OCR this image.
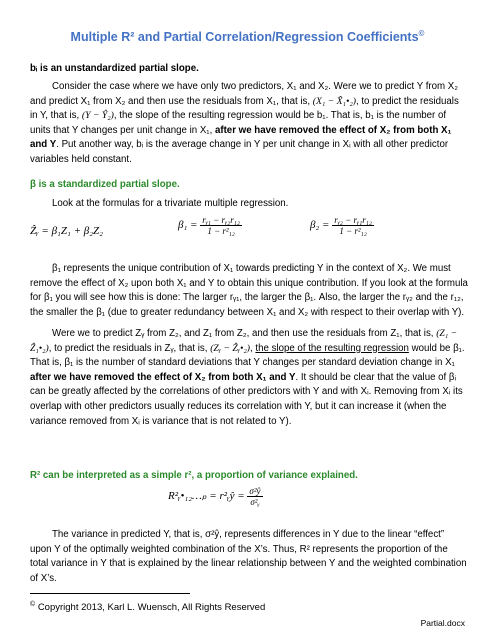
Multiple R² and Partial Correlation/Regression Coefficients©
bᵢ is an unstandardized partial slope.
Consider the case where we have only two predictors, X₁ and X₂. Were we to predict Y from X₂ and predict X₁ from X₂ and then use the residuals from X₁, that is, (X₁ − X̂₁•₂), to predict the residuals in Y, that is, (Y − Ŷ₂), the slope of the resulting regression would be b₁. That is, b₁ is the number of units that Y changes per unit change in X₁, after we have removed the effect of X₂ from both X₁ and Y. Put another way, bᵢ is the average change in Y per unit change in Xᵢ with all other predictor variables held constant.
β is a standardized partial slope.
Look at the formulas for a trivariate multiple regression.
Ẑᵧ = β₁Z₁ + β₂Z₂	$\beta_1 = \frac{\text{rᵧ₁ − rᵧ₂r₁₂}}{\text{1 − r²₁₂}}$	$\beta_2 = \frac{\text{rᵧ₂ − rᵧ₁r₁₂}}{\text{1 − r²₁₂}}$
β₁ represents the unique contribution of X₁ towards predicting Y in the context of X₂. We must remove the effect of X₂ upon both X₁ and Y to obtain this unique contribution. If you look at the formula for β₁ you will see how this is done: The larger rᵧ₁, the larger the β₁. Also, the larger the rᵧ₂ and the r₁₂, the smaller the β₁ (due to greater redundancy between X₁ and X₂ with respect to their overlap with Y).
Were we to predict Zᵧ from Z₂, and Z₁ from Z₂, and then use the residuals from Z₁, that is, (Z₁ − Ẑ₁•₂), to predict the residuals in Zᵧ, that is, (Zᵧ − Ẑᵧ•₂), the slope of the resulting regression would be β₁. That is, β₁ is the number of standard deviations that Y changes per standard deviation change in X₁ after we have removed the effect of X₂ from both X₁ and Y. It should be clear that the value of βᵢ can be greatly affected by the correlations of other predictors with Y and with Xᵢ. Removing from Xᵢ its overlap with other predictors usually reduces its correlation with Y, but it can increase it (when the variance removed from Xᵢ is variance that is not related to Y).
R² can be interpreted as a simple r², a proportion of variance explained.
R²ᵧ•₁₂…ₚ = r²ᵧŷ = $\frac{\text{σ²ŷ}}{\text{σ²ᵧ}}$
The variance in predicted Y, that is, σ²ŷ, represents differences in Y due to the linear “effect” upon Y of the optimally weighted combination of the X’s. Thus, R² represents the proportion of the total variance in Y that is explained by the linear relationship between Y and the weighted combination of X’s.
© Copyright 2013, Karl L. Wuensch, All Rights Reserved
Partial.docx
